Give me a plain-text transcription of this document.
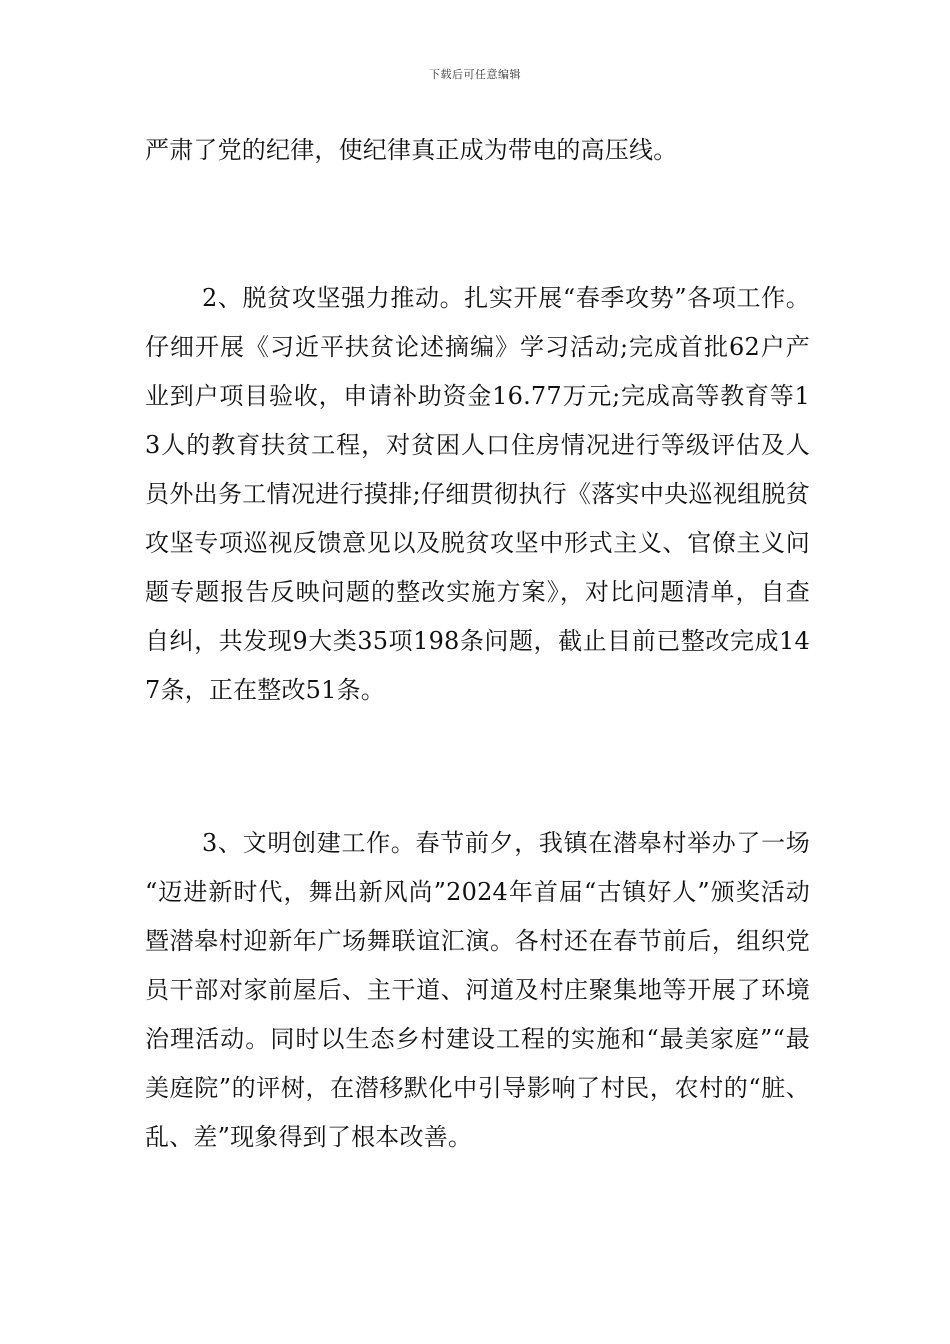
下载后可任意编辑

严肃了党的纪律，使纪律真正成为带电的高压线。

2、脱贫攻坚强力推动。扎实开展“春季攻势”各项工作。仔细开展《习近平扶贫论述摘编》学习活动;完成首批62户产业到户项目验收，申请补助资金16.77万元;完成高等教育等13人的教育扶贫工程，对贫困人口住房情况进行等级评估及人员外出务工情况进行摸排;仔细贯彻执行《落实中央巡视组脱贫攻坚专项巡视反馈意见以及脱贫攻坚中形式主义、官僚主义问题专题报告反映问题的整改实施方案》，对比问题清单，自查自纠，共发现9大类35项198条问题，截止目前已整改完成147条，正在整改51条。

3、文明创建工作。春节前夕，我镇在潜皋村举办了一场 “迈进新时代，舞出新风尚”2024年首届“古镇好人”颁奖活动暨潜皋村迎新年广场舞联谊汇演。各村还在春节前后，组织党员干部对家前屋后、主干道、河道及村庄聚集地等开展了环境治理活动。同时以生态乡村建设工程的实施和“最美家庭”“最美庭院”的评树，在潜移默化中引导影响了村民，农村的“脏、乱、差”现象得到了根本改善。
